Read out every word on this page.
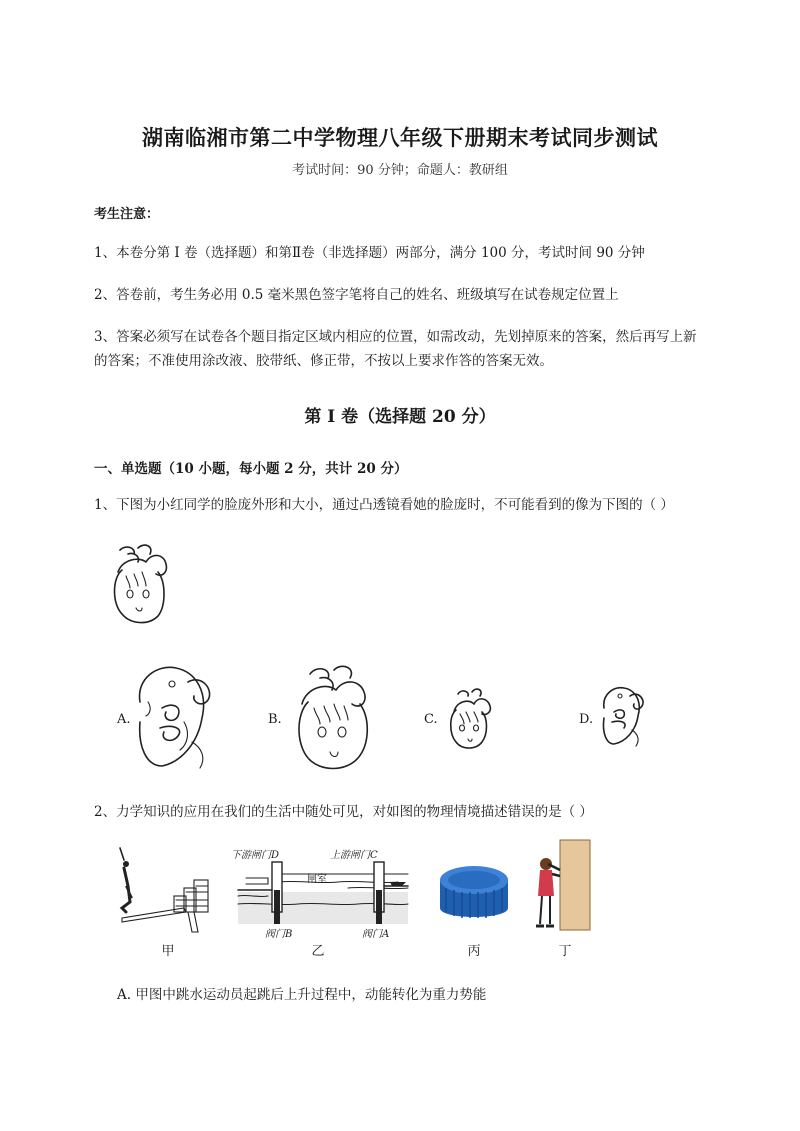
湖南临湘市第二中学物理八年级下册期末考试同步测试
考试时间：90 分钟；命题人：教研组
考生注意：
1、本卷分第 I 卷（选择题）和第Ⅱ卷（非选择题）两部分，满分 100 分，考试时间 90 分钟
2、答卷前，考生务必用 0.5 毫米黑色签字笔将自己的姓名、班级填写在试卷规定位置上
3、答案必须写在试卷各个题目指定区域内相应的位置，如需改动，先划掉原来的答案，然后再写上新
的答案；不准使用涂改液、胶带纸、修正带，不按以上要求作答的答案无效。
第 I 卷（选择题 20 分）
一、单选题（10 小题，每小题 2 分，共计 20 分）
1、下图为小红同学的脸庞外形和大小，通过凸透镜看她的脸庞时，不可能看到的像为下图的（ ）
A.	B.	C.	D.
2、力学知识的应用在我们的生活中随处可见，对如图的物理情境描述错误的是（ ）
甲
下游闸门D	上游闸门C
闸室
阀门B	阀门A
乙	丙	丁
A. 甲图中跳水运动员起跳后上升过程中，动能转化为重力势能
